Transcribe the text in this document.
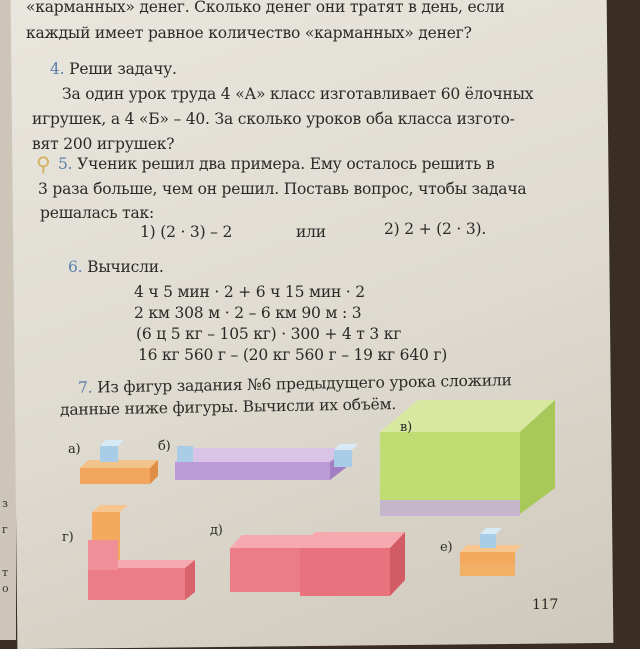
з
г
т
о
«карманных» денег. Сколько денег они тратят в день, если
каждый имеет равное количество «карманных» денег?
4. Реши задачу.
За один урок труда 4 «А» класс изготавливает 60 ёлочных
игрушек, а 4 «Б» – 40. За сколько уроков оба класса изгото-
вят 200 игрушек?
⚲ 5. Ученик решил два примера. Ему осталось решить в
3 раза больше, чем он решил. Поставь вопрос, чтобы задача
решалась так:
1) (2 · 3) – 2	или	2) 2 + (2 · 3).
6. Вычисли.
4 ч 5 мин · 2 + 6 ч 15 мин · 2
2 км 308 м · 2 – 6 км 90 м : 3
(6 ц 5 кг – 105 кг) · 300 + 4 т 3 кг
16 кг 560 г – (20 кг 560 г – 19 кг 640 г)
7. Из фигур задания №6 предыдущего урока сложили
данные ниже фигуры. Вычисли их объём.
а)	б)
в)
г)	д)
е)
117
